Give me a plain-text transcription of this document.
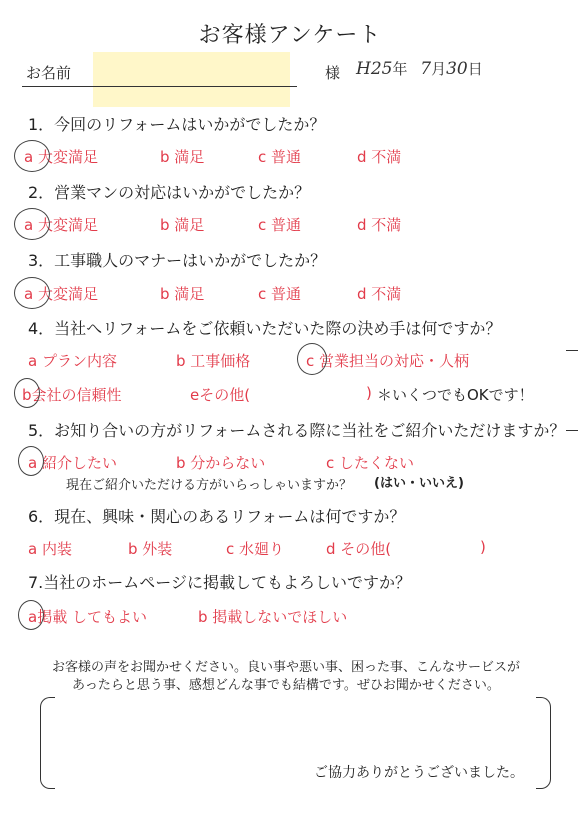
お客様アンケート
お名前	様 H25年 7月30日
1．今回のリフォームはいかがでしたか？
a 大変満足	b 満足	c 普通	d 不満
2．営業マンの対応はいかがでしたか？
a 大変満足	b 満足	c 普通	d 不満
3．工事職人のマナーはいかがでしたか？
a 大変満足	b 満足	c 普通	d 不満
4．当社へリフォームをご依頼いただいた際の決め手は何ですか？
a プラン内容	b 工事価格	c 営業担当の対応・人柄
b会社の信頼性	eその他(	) ＊いくつでもOKです！
5．お知り合いの方がリフォームされる際に当社をご紹介いただけますか？
a 紹介したい	b 分からない	c したくない
現在ご紹介いただける方がいらっしゃいますか？ (はい・いいえ)
6．現在、興味・関心のあるリフォームは何ですか？
a 内装	b 外装	c 水廻り	d その他(	)
7.当社のホームページに掲載してもよろしいですか？
a掲載 してもよい	b 掲載しないでほしい
お客様の声をお聞かせください。良い事や悪い事、困った事、こんなサービスが
あったらと思う事、感想どんな事でも結構です。ぜひお聞かせください。
ご協力ありがとうございました。
